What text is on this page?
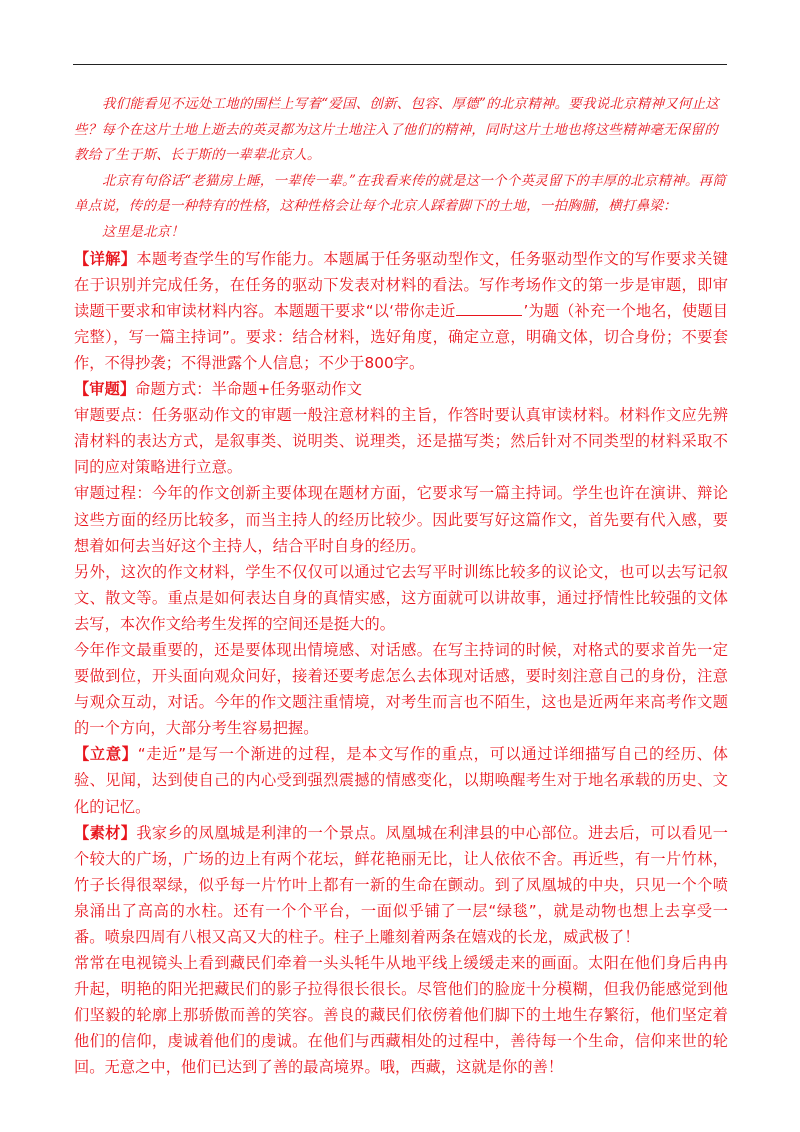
我们能看见不远处工地的围栏上写着“爱国、创新、包容、厚德”的北京精神。要我说北京精神又何止这些？每个在这片土地上逝去的英灵都为这片土地注入了他们的精神，同时这片土地也将这些精神毫无保留的教给了生于斯、长于斯的一辈辈北京人。

北京有句俗话“老猫房上睡，一辈传一辈。”在我看来传的就是这一个个英灵留下的丰厚的北京精神。再简单点说，传的是一种特有的性格，这种性格会让每个北京人踩着脚下的土地，一拍胸脯，横打鼻梁：

这里是北京！

【详解】本题考查学生的写作能力。本题属于任务驱动型作文，任务驱动型作文的写作要求关键在于识别并完成任务，在任务的驱动下发表对材料的看法。写作考场作文的第一步是审题，即审读题干要求和审读材料内容。本题题干要求“以‘带你走近	’为题（补充一个地名，使题目完整），写一篇主持词”。要求：结合材料，选好角度，确定立意，明确文体，切合身份；不要套作，不得抄袭；不得泄露个人信息；不少于800字。

【审题】命题方式：半命题+任务驱动作文

审题要点：任务驱动作文的审题一般注意材料的主旨，作答时要认真审读材料。材料作文应先辨清材料的表达方式，是叙事类、说明类、说理类，还是描写类；然后针对不同类型的材料采取不同的应对策略进行立意。

审题过程：今年的作文创新主要体现在题材方面，它要求写一篇主持词。学生也许在演讲、辩论这些方面的经历比较多，而当主持人的经历比较少。因此要写好这篇作文，首先要有代入感，要想着如何去当好这个主持人，结合平时自身的经历。

另外，这次的作文材料，学生不仅仅可以通过它去写平时训练比较多的议论文，也可以去写记叙文、散文等。重点是如何表达自身的真情实感，这方面就可以讲故事，通过抒情性比较强的文体去写，本次作文给考生发挥的空间还是挺大的。

今年作文最重要的，还是要体现出情境感、对话感。在写主持词的时候，对格式的要求首先一定要做到位，开头面向观众问好，接着还要考虑怎么去体现对话感，要时刻注意自己的身份，注意与观众互动，对话。今年的作文题注重情境，对考生而言也不陌生，这也是近两年来高考作文题的一个方向，大部分考生容易把握。

【立意】“走近”是写一个渐进的过程，是本文写作的重点，可以通过详细描写自己的经历、体验、见闻，达到使自己的内心受到强烈震撼的情感变化，以期唤醒考生对于地名承载的历史、文化的记忆。

【素材】我家乡的凤凰城是利津的一个景点。凤凰城在利津县的中心部位。进去后，可以看见一个较大的广场，广场的边上有两个花坛，鲜花艳丽无比，让人依依不舍。再近些，有一片竹林，竹子长得很翠绿，似乎每一片竹叶上都有一新的生命在颤动。到了凤凰城的中央，只见一个个喷泉涌出了高高的水柱。还有一个个平台，一面似乎铺了一层“绿毯”，就是动物也想上去享受一番。喷泉四周有八根又高又大的柱子。柱子上雕刻着两条在嬉戏的长龙，威武极了！

常常在电视镜头上看到藏民们牵着一头头牦牛从地平线上缓缓走来的画面。太阳在他们身后冉冉升起，明艳的阳光把藏民们的影子拉得很长很长。尽管他们的脸庞十分模糊，但我仍能感觉到他们坚毅的轮廓上那骄傲而善的笑容。善良的藏民们依傍着他们脚下的土地生存繁衍，他们坚定着他们的信仰，虔诚着他们的虔诚。在他们与西藏相处的过程中，善待每一个生命，信仰来世的轮回。无意之中，他们已达到了善的最高境界。哦，西藏，这就是你的善！
